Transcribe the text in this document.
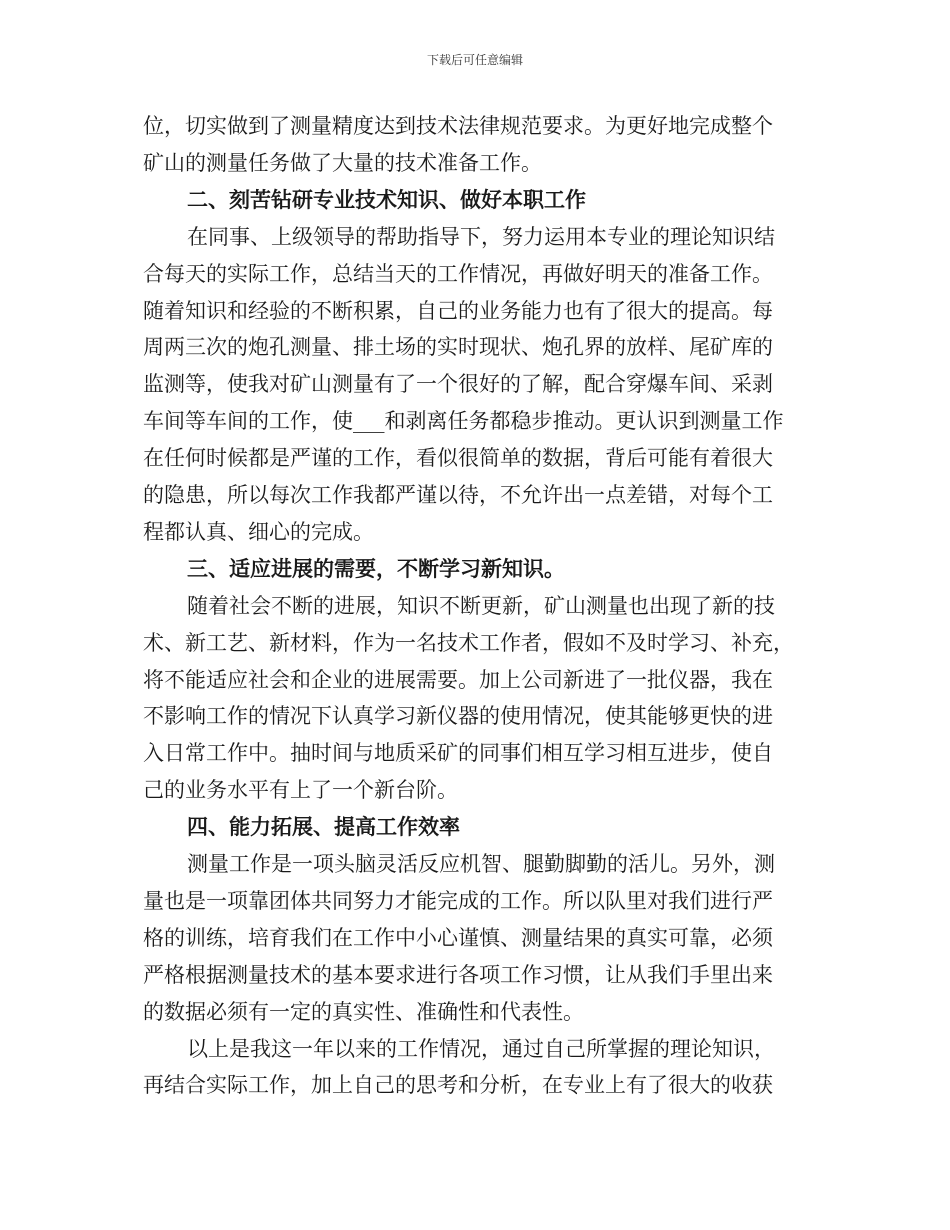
下载后可任意编辑
位，切实做到了测量精度达到技术法律规范要求。为更好地完成整个
矿山的测量任务做了大量的技术准备工作。
二、刻苦钻研专业技术知识、做好本职工作
在同事、上级领导的帮助指导下，努力运用本专业的理论知识结
合每天的实际工作，总结当天的工作情况，再做好明天的准备工作。
随着知识和经验的不断积累，自己的业务能力也有了很大的提高。每
周两三次的炮孔测量、排土场的实时现状、炮孔界的放样、尾矿库的
监测等，使我对矿山测量有了一个很好的了解，配合穿爆车间、采剥
车间等车间的工作，使___和剥离任务都稳步推动。更认识到测量工作
在任何时候都是严谨的工作，看似很简单的数据，背后可能有着很大
的隐患，所以每次工作我都严谨以待，不允许出一点差错，对每个工
程都认真、细心的完成。
三、适应进展的需要，不断学习新知识。
随着社会不断的进展，知识不断更新，矿山测量也出现了新的技
术、新工艺、新材料，作为一名技术工作者，假如不及时学习、补充，
将不能适应社会和企业的进展需要。加上公司新进了一批仪器，我在
不影响工作的情况下认真学习新仪器的使用情况，使其能够更快的进
入日常工作中。抽时间与地质采矿的同事们相互学习相互进步，使自
己的业务水平有上了一个新台阶。
四、能力拓展、提高工作效率
测量工作是一项头脑灵活反应机智、腿勤脚勤的活儿。另外，测
量也是一项靠团体共同努力才能完成的工作。所以队里对我们进行严
格的训练，培育我们在工作中小心谨慎、测量结果的真实可靠，必须
严格根据测量技术的基本要求进行各项工作习惯，让从我们手里出来
的数据必须有一定的真实性、准确性和代表性。
以上是我这一年以来的工作情况，通过自己所掌握的理论知识，
再结合实际工作，加上自己的思考和分析，在专业上有了很大的收获
